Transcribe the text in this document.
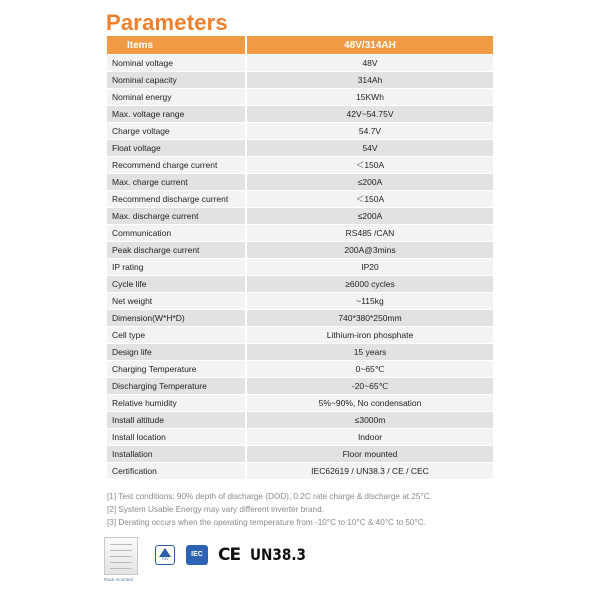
Parameters
Items	48V/314AH
Nominal voltage	48V
Nominal capacity	314Ah
Nominal energy	15KWh
Max. voltage range	42V~54.75V
Charge voltage	54.7V
Float voltage	54V
Recommend charge current	＜150A
Max. charge current	≤200A
Recommend discharge current	＜150A
Max. discharge current	≤200A
Communication	RS485 /CAN
Peak discharge current	200A@3mins
IP rating	IP20
Cycle life	≥6000 cycles
Net weight	~115kg
Dimension(W*H*D)	740*380*250mm
Cell type	Lithium-iron phosphate
Design life	15 years
Charging Temperature	0~65℃
Discharging Temperature	-20~65℃
Relative humidity	5%~90%, No condensation
Install altitude	≤3000m
Install location	Indoor
Installation	Floor mounted
Certification	IEC62619 / UN38.3 / CE / CEC
[1] Test conditions: 90% depth of discharge (DOD), 0.2C rate charge & discharge at 25°C.
[2] System Usable Energy may vary different inverter brand.
[3] Derating occurs when the operating temperature from -10°C to 10°C & 40°C to 50°C.
Rack mounted
TÜV
IEC CE UN38.3
